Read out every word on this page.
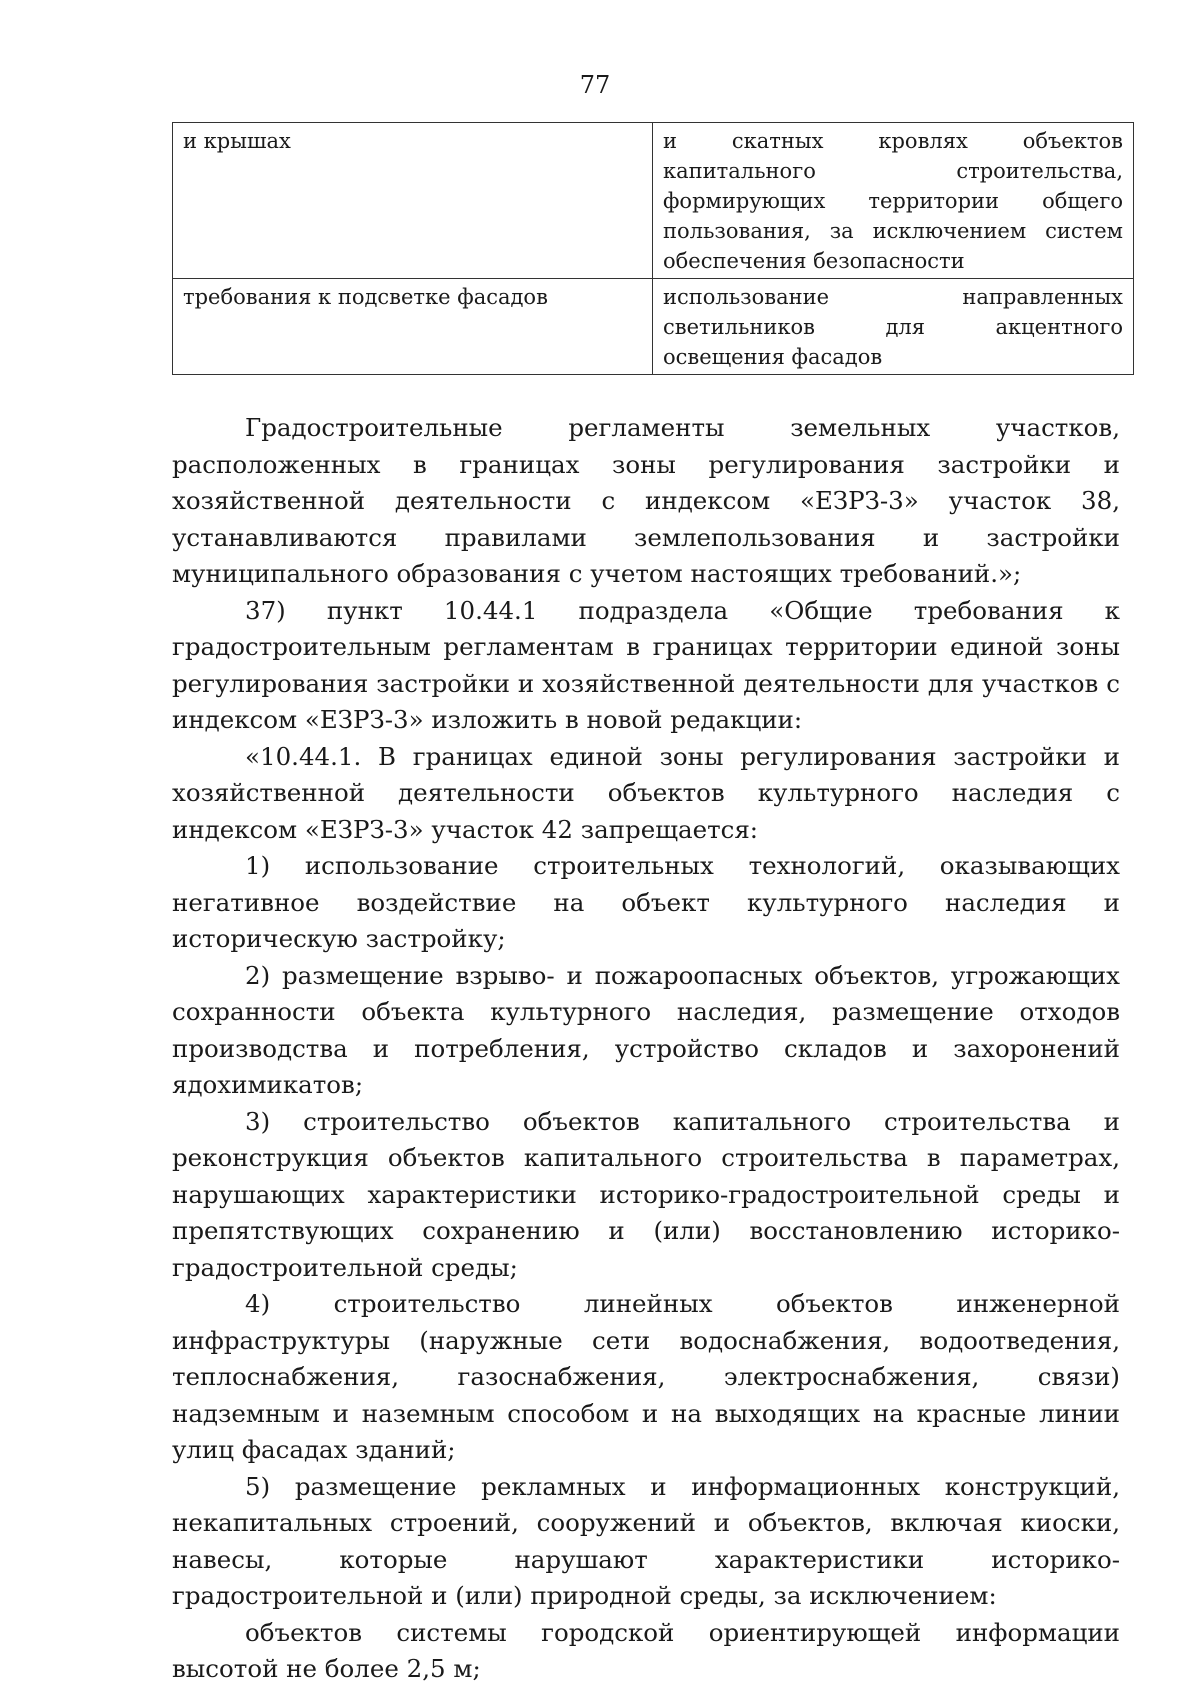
77
и крышах	и скатных кровлях объектов капитального строительства, формирующих территории общего пользования, за исключением систем обеспечения безопасности
требования к подсветке фасадов	использование направленных светильников для акцентного освещения фасадов

Градостроительные регламенты земельных участков, расположенных в границах зоны регулирования застройки и хозяйственной деятельности с индексом «ЕЗРЗ-3» участок 38, устанавливаются правилами землепользования и застройки муниципального образования с учетом настоящих требований.»;

37) пункт 10.44.1 подраздела «Общие требования к градостроительным регламентам в границах территории единой зоны регулирования застройки и хозяйственной деятельности для участков с индексом «ЕЗРЗ-3» изложить в новой редакции:

«10.44.1. В границах единой зоны регулирования застройки и хозяйственной деятельности объектов культурного наследия с индексом «ЕЗРЗ-3» участок 42 запрещается:

1) использование строительных технологий, оказывающих негативное воздействие на объект культурного наследия и историческую застройку;

2) размещение взрыво- и пожароопасных объектов, угрожающих сохранности объекта культурного наследия, размещение отходов производства и потребления, устройство складов и захоронений ядохимикатов;

3) строительство объектов капитального строительства и реконструкция объектов капитального строительства в параметрах, нарушающих характеристики историко-градостроительной среды и препятствующих сохранению и (или) восстановлению историко-градостроительной среды;

4) строительство линейных объектов инженерной инфраструктуры (наружные сети водоснабжения, водоотведения, теплоснабжения, газоснабжения, электроснабжения, связи) надземным и наземным способом и на выходящих на красные линии улиц фасадах зданий;

5) размещение рекламных и информационных конструкций, некапитальных строений, сооружений и объектов, включая киоски, навесы, которые нарушают характеристики историко-градостроительной и (или) природной среды, за исключением:

объектов системы городской ориентирующей информации высотой не более 2,5 м;
